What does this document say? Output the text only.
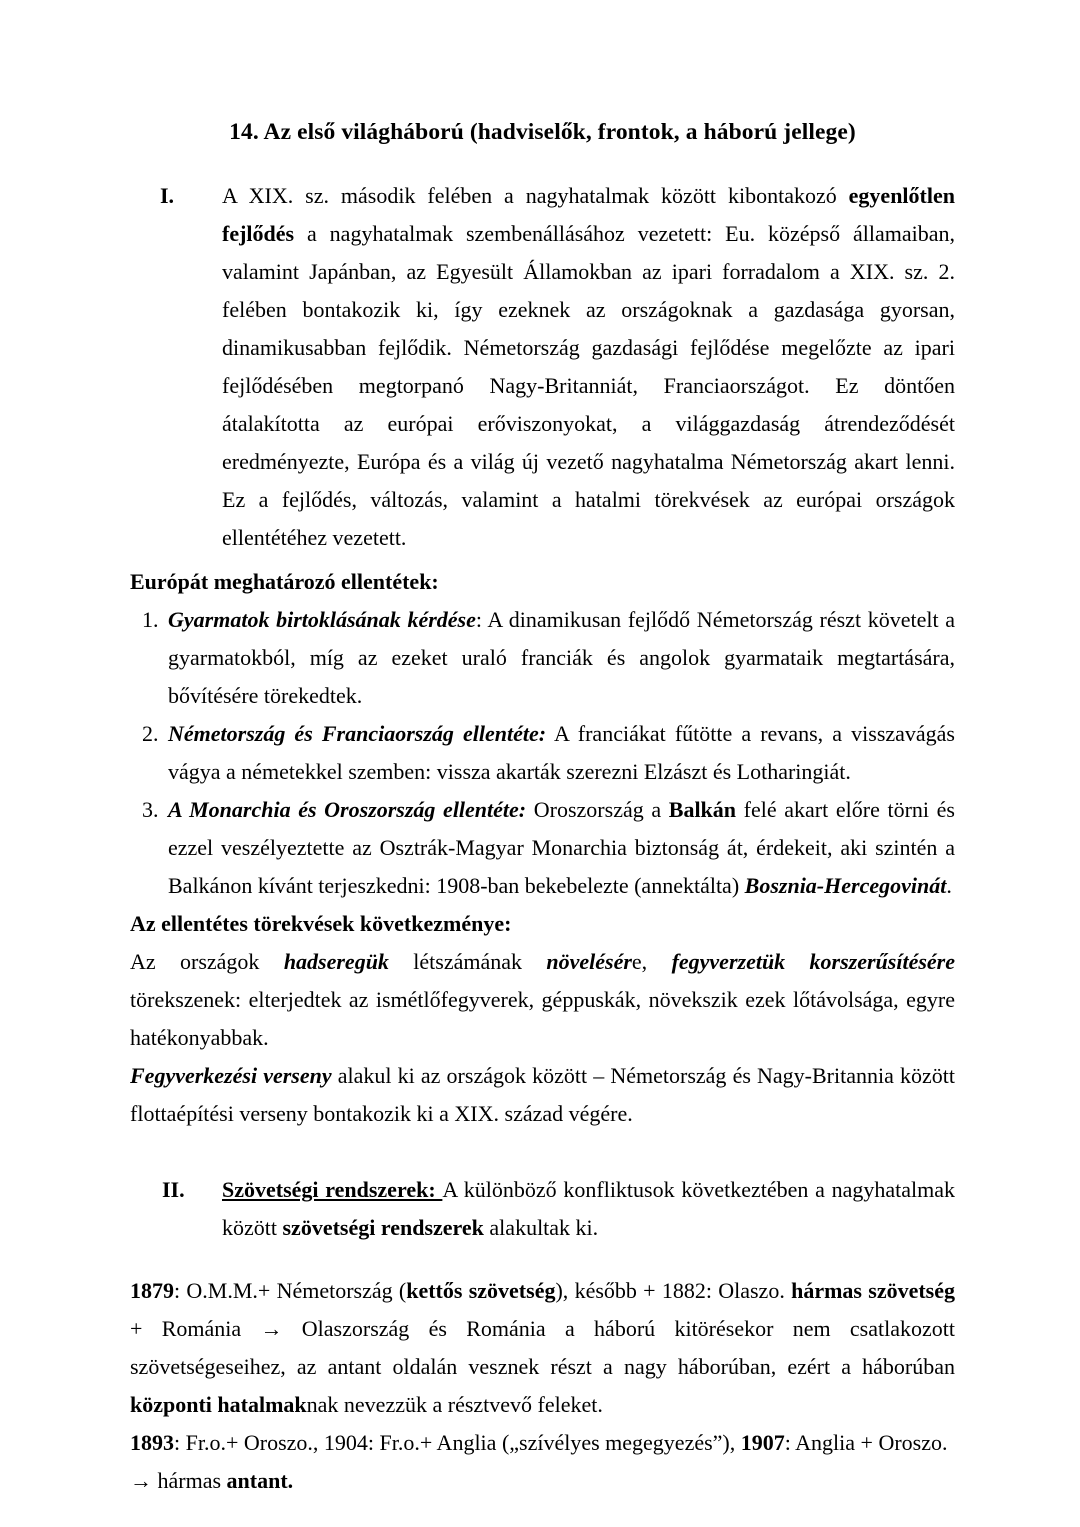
14. Az első világháború (hadviselők, frontok, a háború jellege)
I. A XIX. sz. második felében a nagyhatalmak között kibontakozó egyenlőtlen fejlődés a nagyhatalmak szembenállásához vezetett: Eu. középső államaiban, valamint Japánban, az Egyesült Államokban az ipari forradalom a XIX. sz. 2. felében bontakozik ki, így ezeknek az országoknak a gazdasága gyorsan, dinamikusabban fejlődik. Németország gazdasági fejlődése megelőzte az ipari fejlődésében megtorpanó Nagy-Britanniát, Franciaországot. Ez döntően átalakította az európai erőviszonyokat, a világgazdaság átrendeződését eredményezte, Európa és a világ új vezető nagyhatalma Németország akart lenni. Ez a fejlődés, változás, valamint a hatalmi törekvések az európai országok ellentétéhez vezetett.

Európát meghatározó ellentétek:

1. Gyarmatok birtoklásának kérdése: A dinamikusan fejlődő Németország részt követelt a gyarmatokból, míg az ezeket uraló franciák és angolok gyarmataik megtartására, bővítésére törekedtek.
2. Németország és Franciaország ellentéte: A franciákat fűtötte a revans, a visszavágás vágya a németekkel szemben: vissza akarták szerezni Elzászt és Lotharingiát.
3. A Monarchia és Oroszország ellentéte: Oroszország a Balkán felé akart előre törni és ezzel veszélyeztette az Osztrák-Magyar Monarchia biztonság át, érdekeit, aki szintén a Balkánon kívánt terjeszkedni: 1908-ban bekebelezte (annektálta) Bosznia-Hercegovinát.

Az ellentétes törekvések következménye:

Az országok hadseregük létszámának növelésére, fegyverzetük korszerűsítésére törekszenek: elterjedtek az ismétlőfegyverek, géppuskák, növekszik ezek lőtávolsága, egyre hatékonyabbak.

Fegyverkezési verseny alakul ki az országok között – Németország és Nagy-Britannia között flottaépítési verseny bontakozik ki a XIX. század végére.

II. Szövetségi rendszerek: A különböző konfliktusok következtében a nagyhatalmak között szövetségi rendszerek alakultak ki.

1879: O.M.M.+ Németország (kettős szövetség), később + 1882: Olaszo. hármas szövetség + Románia → Olaszország és Románia a háború kitörésekor nem csatlakozott szövetségeseihez, az antant oldalán vesznek részt a nagy háborúban, ezért a háborúban központi hatalmaknak nevezzük a résztvevő feleket.

1893: Fr.o.+ Oroszo., 1904: Fr.o.+ Anglia („szívélyes megegyezés”), 1907: Anglia + Oroszo.

→ hármas antant.
